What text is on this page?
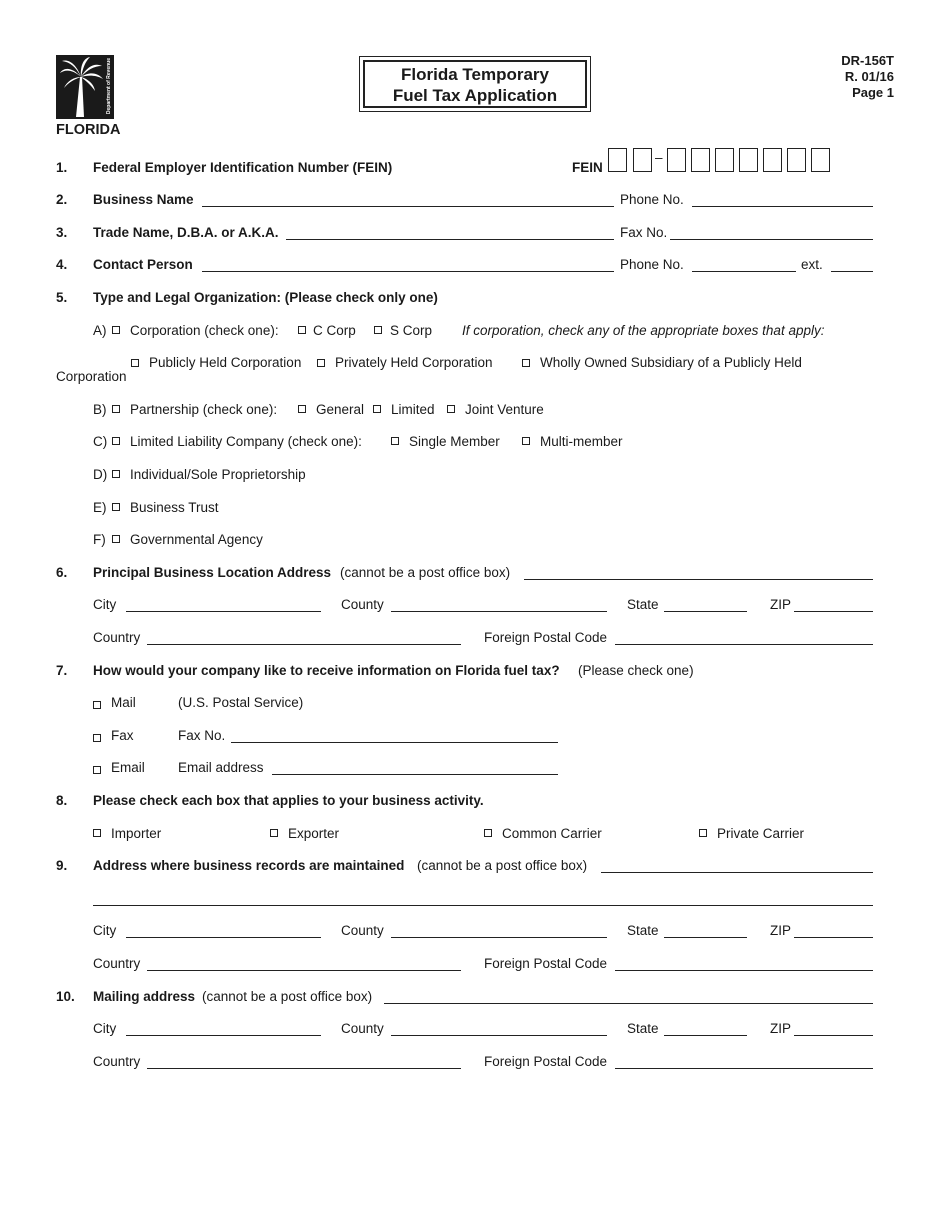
Department of Revenue
FLORIDA
Florida Temporary
Fuel Tax Application
DR-156T
R. 01/16
Page 1
1. Federal Employer Identification Number (FEIN)	FEIN
–
2. Business Name	Phone No.
3. Trade Name, D.B.A. or A.K.A.	Fax No.
4. Contact Person	Phone No.	ext.
5. Type and Legal Organization: (Please check only one)
A) Corporation (check one):	C Corp	S Corp If corporation, check any of the appropriate boxes that apply:
Publicly Held Corporation Privately Held Corporation	Wholly Owned Subsidiary of a Publicly Held
Corporation
B) Partnership (check one):	General Limited Joint Venture
C) Limited Liability Company (check one):	Single Member	Multi-member
D) Individual/Sole Proprietorship
E) Business Trust
F) Governmental Agency
6. Principal Business Location Address (cannot be a post office box)
City	County	State	ZIP
Country	Foreign Postal Code
7. How would your company like to receive information on Florida fuel tax? (Please check one)
Mail	(U.S. Postal Service)
Fax	Fax No.
Email Email address
8. Please check each box that applies to your business activity.
Importer	Exporter	Common Carrier	Private Carrier
9. Address where business records are maintained (cannot be a post office box)
City	County	State	ZIP
Country	Foreign Postal Code
10. Mailing address (cannot be a post office box)
City	County	State	ZIP
Country	Foreign Postal Code
